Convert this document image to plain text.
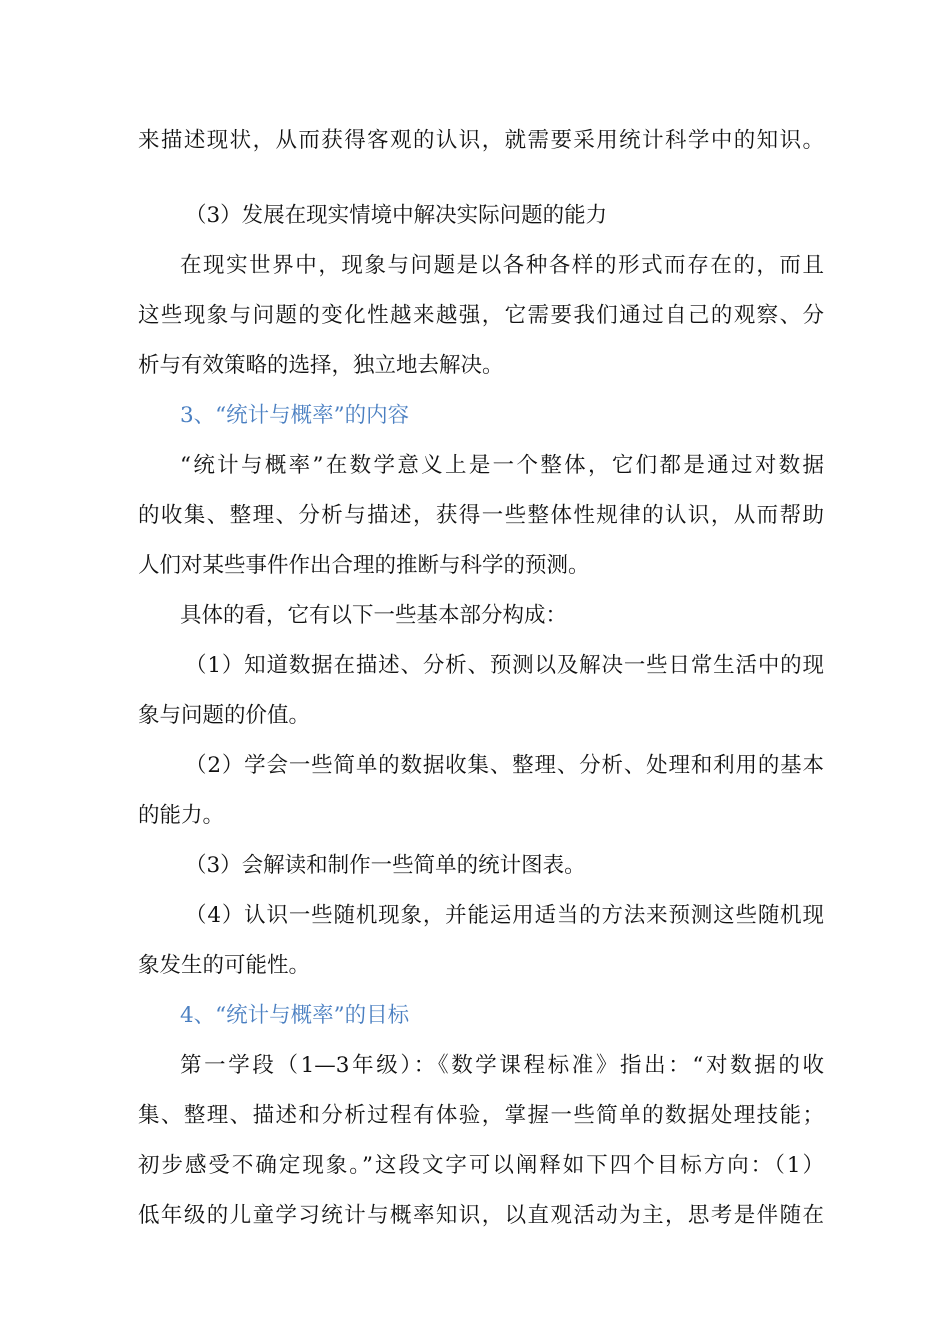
来描述现状，从而获得客观的认识，就需要采用统计科学中的知识。
（3）发展在现实情境中解决实际问题的能力
在现实世界中，现象与问题是以各种各样的形式而存在的，而且
这些现象与问题的变化性越来越强，它需要我们通过自己的观察、分
析与有效策略的选择，独立地去解决。
3、“统计与概率”的内容
“统计与概率”在数学意义上是一个整体，它们都是通过对数据
的收集、整理、分析与描述，获得一些整体性规律的认识，从而帮助
人们对某些事件作出合理的推断与科学的预测。
具体的看，它有以下一些基本部分构成：
（1）知道数据在描述、分析、预测以及解决一些日常生活中的现
象与问题的价值。
（2）学会一些简单的数据收集、整理、分析、处理和利用的基本
的能力。
（3）会解读和制作一些简单的统计图表。
（4）认识一些随机现象，并能运用适当的方法来预测这些随机现
象发生的可能性。
4、“统计与概率”的目标
第一学段（1—3年级）：《数学课程标准》指出：“对数据的收
集、整理、描述和分析过程有体验，掌握一些简单的数据处理技能；
初步感受不确定现象。”这段文字可以阐释如下四个目标方向：（1）
低年级的儿童学习统计与概率知识，以直观活动为主，思考是伴随在
